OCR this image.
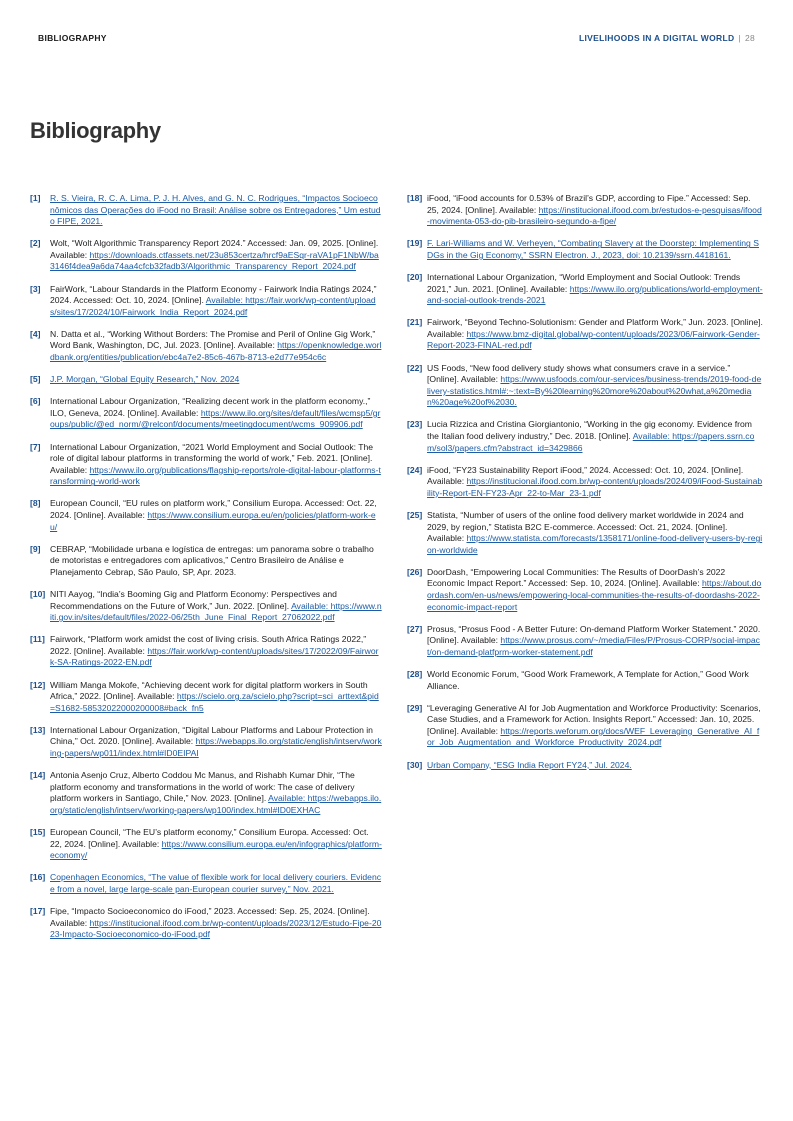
BIBLIOGRAPHY	LIVELIHOODS IN A DIGITAL WORLD | 28
Bibliography
[1]	R. S. Vieira, R. C. A. Lima, P. J. H. Alves, and G. N. C. Rodrigues, “Impactos Socioeconômicos das Operações do iFood no Brasil: Análise sobre os Entregadores,” Um estudo FIPE, 2021.
[2]	Wolt, “Wolt Algorithmic Transparency Report 2024.” Accessed: Jan. 09, 2025. [Online]. Available: https://downloads.ctfassets.net/23u853certza/hrcf9aESqr-raVA1pF1NbW/ba3146f4dea9a6da74aa4cfcb32fadb3/Algorithmic_Transparency_Report_2024.pdf
[3]	FairWork, “Labour Standards in the Platform Economy - Fairwork India Ratings 2024,” 2024. Accessed: Oct. 10, 2024. [Online]. Available: https://fair.work/wp-content/uploads/sites/17/2024/10/Fairwork_India_Report_2024.pdf
[4]	N. Datta et al., “Working Without Borders: The Promise and Peril of Online Gig Work,” Word Bank, Washington, DC, Jul. 2023. [Online]. Available: https://openknowledge.worldbank.org/entities/publication/ebc4a7e2-85c6-467b-8713-e2d77e954c6c
[5]	J.P. Morgan, “Global Equity Research,” Nov. 2024
[6]	International Labour Organization, “Realizing decent work in the platform economy.,” ILO, Geneva, 2024. [Online]. Available: https://www.ilo.org/sites/default/files/wcmsp5/groups/public/@ed_norm/@relconf/documents/meetingdocument/wcms_909906.pdf
[7]	International Labour Organization, “2021 World Employment and Social Outlook: The role of digital labour platforms in transforming the world of work,” Feb. 2021. [Online]. Available: https://www.ilo.org/publications/flagship-reports/role-digital-labour-platforms-transforming-world-work
[8]	European Council, “EU rules on platform work,” Consilium Europa. Accessed: Oct. 22, 2024. [Online]. Available: https://www.consilium.europa.eu/en/policies/platform-work-eu/
[9]	CEBRAP, “Mobilidade urbana e logística de entregas: um panorama sobre o trabalho de motoristas e entregadores com aplicativos,” Centro Brasileiro de Análise e Planejamento Cebrap, São Paulo, SP, Apr. 2023.
[10] NITI Aayog, “India’s Booming Gig and Platform Economy: Perspectives and Recommendations on the Future of Work,” Jun. 2022. [Online]. Available: https://www.niti.gov.in/sites/default/files/2022-06/25th_June_Final_Report_27062022.pdf
[11] Fairwork, “Platform work amidst the cost of living crisis. South Africa Ratings 2022,” 2022. [Online]. Available: https://fair.work/wp-content/uploads/sites/17/2022/09/Fairwork-SA-Ratings-2022-EN.pdf
[12] William Manga Mokofe, “Achieving decent work for digital platform workers in South Africa,” 2022. [Online]. Available: https://scielo.org.za/scielo.php?script=sci_arttext&pid=S1682-58532022000200008#back_fn5
[13] International Labour Organization, “Digital Labour Platforms and Labour Protection in China,” Oct. 2020. [Online]. Available: https://webapps.ilo.org/static/english/intserv/working-papers/wp011/index.html#ID0EIPAI
[14] Antonia Asenjo Cruz, Alberto Coddou Mc Manus, and Rishabh Kumar Dhir, “The platform economy and transformations in the world of work: The case of delivery platform workers in Santiago, Chile,” Nov. 2023. [Online]. Available: https://webapps.ilo.org/static/english/intserv/working-papers/wp100/index.html#ID0EXHAC
[15] European Council, “The EU’s platform economy,” Consilium Europa. Accessed: Oct. 22, 2024. [Online]. Available: https://www.consilium.europa.eu/en/infographics/platform-economy/
[16] Copenhagen Economics, “The value of flexible work for local delivery couriers. Evidence from a novel, large large-scale pan-European courier survey,” Nov. 2021.
[17] Fipe, “Impacto Socioeconomico do iFood,” 2023. Accessed: Sep. 25, 2024. [Online]. Available: https://institucional.ifood.com.br/wp-content/uploads/2023/12/Estudo-Fipe-2023-Impacto-Socioeconomico-do-iFood.pdf
[18] iFood, “iFood accounts for 0.53% of Brazil’s GDP, according to Fipe.” Accessed: Sep. 25, 2024. [Online]. Available: https://institucional.ifood.com.br/estudos-e-pesquisas/ifood-movimenta-053-do-pib-brasileiro-segundo-a-fipe/
[19] F. Lari-Williams and W. Verheyen, “Combating Slavery at the Doorstep: Implementing SDGs in the Gig Economy,” SSRN Electron. J., 2023, doi: 10.2139/ssrn.4418161.
[20] International Labour Organization, “World Employment and Social Outlook: Trends 2021,” Jun. 2021. [Online]. Available: https://www.ilo.org/publications/world-employment-and-social-outlook-trends-2021
[21] Fairwork, “Beyond Techno-Solutionism: Gender and Platform Work,” Jun. 2023. [Online]. Available: https://www.bmz-digital.global/wp-content/uploads/2023/06/Fairwork-Gender-Report-2023-FINAL-red.pdf
[22] US Foods, “New food delivery study shows what consumers crave in a service.” [Online]. Available: https://www.usfoods.com/our-services/business-trends/2019-food-delivery-statistics.html#:~:text=By%20learning%20more%20about%20what,a%20median%20age%20of%2030.
[23] Lucia Rizzica and Cristina Giorgiantonio, “Working in the gig economy. Evidence from the Italian food delivery industry,” Dec. 2018. [Online]. Available: https://papers.ssrn.com/sol3/papers.cfm?abstract_id=3429866
[24] iFood, “FY23 Sustainability Report iFood,” 2024. Accessed: Oct. 10, 2024. [Online]. Available: https://institucional.ifood.com.br/wp-content/uploads/2024/09/iFood-Sustainability-Report-EN-FY23-Apr_22-to-Mar_23-1.pdf
[25] Statista, “Number of users of the online food delivery market worldwide in 2024 and 2029, by region,” Statista B2C E-commerce. Accessed: Oct. 21, 2024. [Online]. Available: https://www.statista.com/forecasts/1358171/online-food-delivery-users-by-region-worldwide
[26] DoorDash, “Empowering Local Communities: The Results of DoorDash’s 2022 Economic Impact Report.” Accessed: Sep. 10, 2024. [Online]. Available: https://about.doordash.com/en-us/news/empowering-local-communities-the-results-of-doordashs-2022-economic-impact-report
[27] Prosus, “Prosus Food - A Better Future: On-demand Platform Worker Statement.” 2020. [Online]. Available: https://www.prosus.com/~/media/Files/P/Prosus-CORP/social-impact/on-demand-platfprm-worker-statement.pdf
[28] World Economic Forum, “Good Work Framework, A Template for Action,” Good Work Alliance.
[29] “Leveraging Generative AI for Job Augmentation and Workforce Productivity: Scenarios, Case Studies, and a Framework for Action. Insights Report.” Accessed: Jan. 10, 2025. [Online]. Available: https://reports.weforum.org/docs/WEF_Leveraging_Generative_AI_for_Job_Augmentation_and_Workforce_Productivity_2024.pdf
[30] Urban Company, “ESG India Report FY24,” Jul. 2024.
